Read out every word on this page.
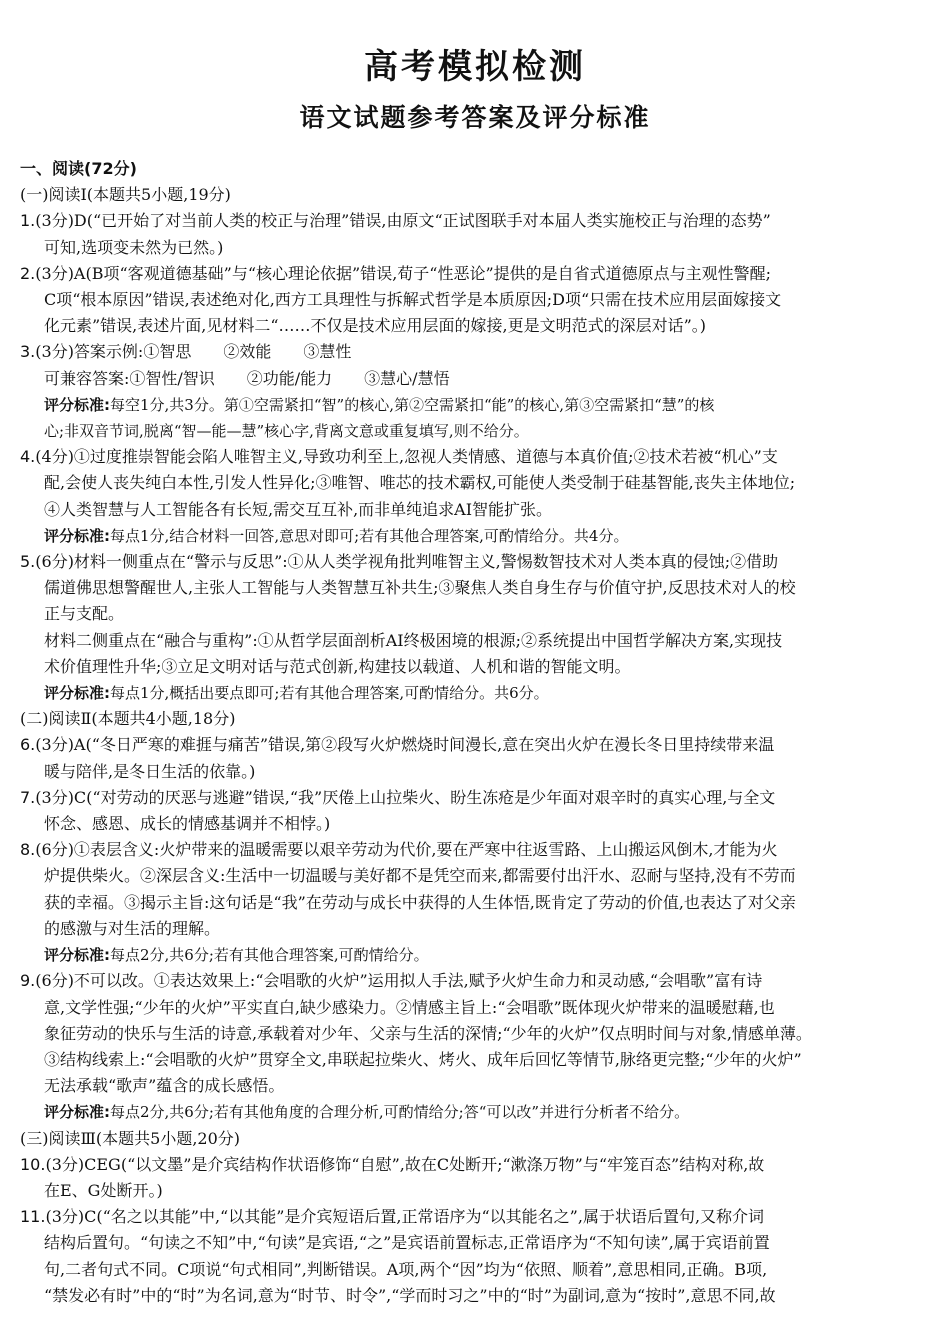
高考模拟检测
语文试题参考答案及评分标准
一、阅读(72分)
(一)阅读Ⅰ(本题共5小题,19分)
1.(3分)D(“已开始了对当前人类的校正与治理”错误,由原文“正试图联手对本届人类实施校正与治理的态势”
可知,选项变未然为已然。)
2.(3分)A(B项“客观道德基础”与“核心理论依据”错误,荀子“性恶论”提供的是自省式道德原点与主观性警醒;
C项“根本原因”错误,表述绝对化,西方工具理性与拆解式哲学是本质原因;D项“只需在技术应用层面嫁接文
化元素”错误,表述片面,见材料二“……不仅是技术应用层面的嫁接,更是文明范式的深层对话”。)
3.(3分)答案示例:①智思　　②效能　　③慧性
可兼容答案:①智性/智识　　②功能/能力　　③慧心/慧悟
评分标准:每空1分,共3分。第①空需紧扣“智”的核心,第②空需紧扣“能”的核心,第③空需紧扣“慧”的核
心;非双音节词,脱离“智—能—慧”核心字,背离文意或重复填写,则不给分。
4.(4分)①过度推崇智能会陷人唯智主义,导致功利至上,忽视人类情感、道德与本真价值;②技术若被“机心”支
配,会使人丧失纯白本性,引发人性异化;③唯智、唯芯的技术霸权,可能使人类受制于硅基智能,丧失主体地位;
④人类智慧与人工智能各有长短,需交互互补,而非单纯追求AI智能扩张。
评分标准:每点1分,结合材料一回答,意思对即可;若有其他合理答案,可酌情给分。共4分。
5.(6分)材料一侧重点在“警示与反思”:①从人类学视角批判唯智主义,警惕数智技术对人类本真的侵蚀;②借助
儒道佛思想警醒世人,主张人工智能与人类智慧互补共生;③聚焦人类自身生存与价值守护,反思技术对人的校
正与支配。
材料二侧重点在“融合与重构”:①从哲学层面剖析AI终极困境的根源;②系统提出中国哲学解决方案,实现技
术价值理性升华;③立足文明对话与范式创新,构建技以载道、人机和谐的智能文明。
评分标准:每点1分,概括出要点即可;若有其他合理答案,可酌情给分。共6分。
(二)阅读Ⅱ(本题共4小题,18分)
6.(3分)A(“冬日严寒的难捱与痛苦”错误,第②段写火炉燃烧时间漫长,意在突出火炉在漫长冬日里持续带来温
暖与陪伴,是冬日生活的依靠。)
7.(3分)C(“对劳动的厌恶与逃避”错误,“我”厌倦上山拉柴火、盼生冻疮是少年面对艰辛时的真实心理,与全文
怀念、感恩、成长的情感基调并不相悖。)
8.(6分)①表层含义:火炉带来的温暖需要以艰辛劳动为代价,要在严寒中往返雪路、上山搬运风倒木,才能为火
炉提供柴火。②深层含义:生活中一切温暖与美好都不是凭空而来,都需要付出汗水、忍耐与坚持,没有不劳而
获的幸福。③揭示主旨:这句话是“我”在劳动与成长中获得的人生体悟,既肯定了劳动的价值,也表达了对父亲
的感激与对生活的理解。
评分标准:每点2分,共6分;若有其他合理答案,可酌情给分。
9.(6分)不可以改。①表达效果上:“会唱歌的火炉”运用拟人手法,赋予火炉生命力和灵动感,“会唱歌”富有诗
意,文学性强;“少年的火炉”平实直白,缺少感染力。②情感主旨上:“会唱歌”既体现火炉带来的温暖慰藉,也
象征劳动的快乐与生活的诗意,承载着对少年、父亲与生活的深情;“少年的火炉”仅点明时间与对象,情感单薄。
③结构线索上:“会唱歌的火炉”贯穿全文,串联起拉柴火、烤火、成年后回忆等情节,脉络更完整;“少年的火炉”
无法承载“歌声”蕴含的成长感悟。
评分标准:每点2分,共6分;若有其他角度的合理分析,可酌情给分;答“可以改”并进行分析者不给分。
(三)阅读Ⅲ(本题共5小题,20分)
10.(3分)CEG(“以文墨”是介宾结构作状语修饰“自慰”,故在C处断开;“漱涤万物”与“牢笼百态”结构对称,故
在E、G处断开。)
11.(3分)C(“名之以其能”中,“以其能”是介宾短语后置,正常语序为“以其能名之”,属于状语后置句,又称介词
结构后置句。“句读之不知”中,“句读”是宾语,“之”是宾语前置标志,正常语序为“不知句读”,属于宾语前置
句,二者句式不同。C项说“句式相同”,判断错误。A项,两个“因”均为“依照、顺着”,意思相同,正确。B项,
“禁发必有时”中的“时”为名词,意为“时节、时令”,“学而时习之”中的“时”为副词,意为“按时”,意思不同,故
